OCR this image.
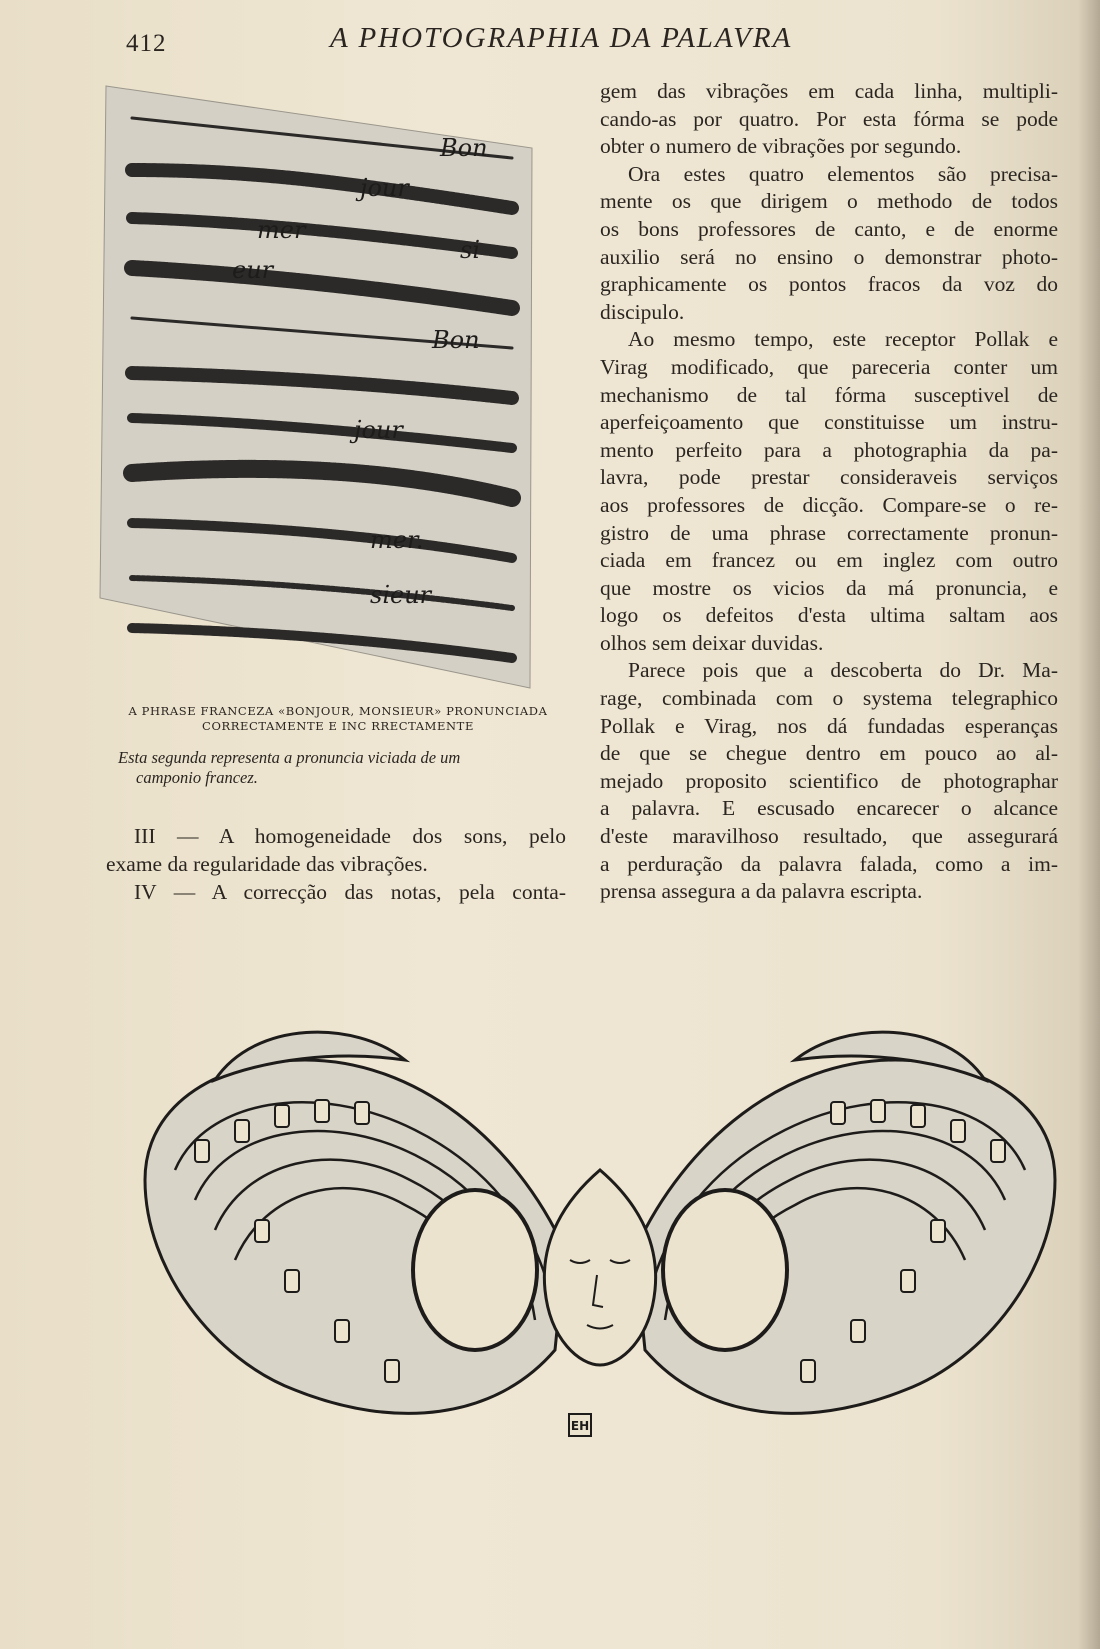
412	A PHOTOGRAPHIA DA PALAVRA
Bon
jour
mer
si
eur
Bon
jour
mer.
sieur
A PHRASE FRANCEZA «BONJOUR, MONSIEUR» PRONUNCIADA CORRECTAMENTE E INC RRECTAMENTE

Esta segunda representa a pronuncia viciada de um

camponio francez.

III — A homogeneidade dos sons, pelo

exame da regularidade das vibrações.

IV — A correcção das notas, pela conta-

gem das vibrações em cada linha, multipli-
cando-as por quatro. Por esta fórma se pode
obter o numero de vibrações por segundo.
Ora estes quatro elementos são precisa-
mente os que dirigem o methodo de todos
os bons professores de canto, e de enorme
auxilio será no ensino o demonstrar photo-
graphicamente os pontos fracos da voz do
discipulo.
Ao mesmo tempo, este receptor Pollak e
Virag modificado, que pareceria conter um
mechanismo de tal fórma susceptivel de
aperfeiçoamento que constituisse um instru-
mento perfeito para a photographia da pa-
lavra, pode prestar consideraveis serviços
aos professores de dicção. Compare-se o re-
gistro de uma phrase correctamente pronun-
ciada em francez ou em inglez com outro
que mostre os vicios da má pronuncia, e
logo os defeitos d'esta ultima saltam aos
olhos sem deixar duvidas.
Parece pois que a descoberta do Dr. Ma-
rage, combinada com o systema telegraphico
Pollak e Virag, nos dá fundadas esperanças
de que se chegue dentro em pouco ao al-
mejado proposito scientifico de photographar
a palavra. E escusado encarecer o alcance
d'este maravilhoso resultado, que assegurará
a perduração da palavra falada, como a im-
prensa assegura a da palavra escripta.
EH
